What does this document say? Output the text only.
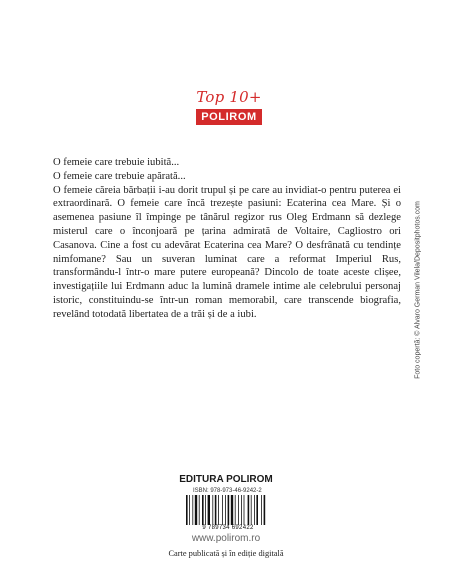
Top 10+
POLIROM

O femeie care trebuie iubită...

O femeie care trebuie apărată...

O femeie căreia bărbații i-au dorit trupul și pe care au invidiat-o pentru puterea ei extraordinară. O femeie care încă trezește pasiuni: Ecaterina cea Mare. Și o asemenea pasiune îl împinge pe tânărul regizor rus Oleg Erdmann să dezlege misterul care o înconjoară pe țarina admirată de Voltaire, Cagliostro ori Casanova. Cine a fost cu adevărat Ecaterina cea Mare? O desfrânată cu tendințe nimfomane? Sau un suveran luminat care a reformat Imperiul Rus, transformându-l într-o mare putere europeană? Dincolo de toate aceste clișee, investigațiile lui Erdmann aduc la lumină dramele intime ale celebrului personaj istoric, constituindu-se într-un roman memorabil, care transcende biografia, revelând totodată libertatea de a trăi și de a iubi.

EDITURA POLIROM
ISBN: 978-973-46-9242-2
9 789734 692422
www.polirom.ro
Carte publicată și în ediție digitală
Foto copertă: © Alvaro German Vilela/Depositphotos.com
